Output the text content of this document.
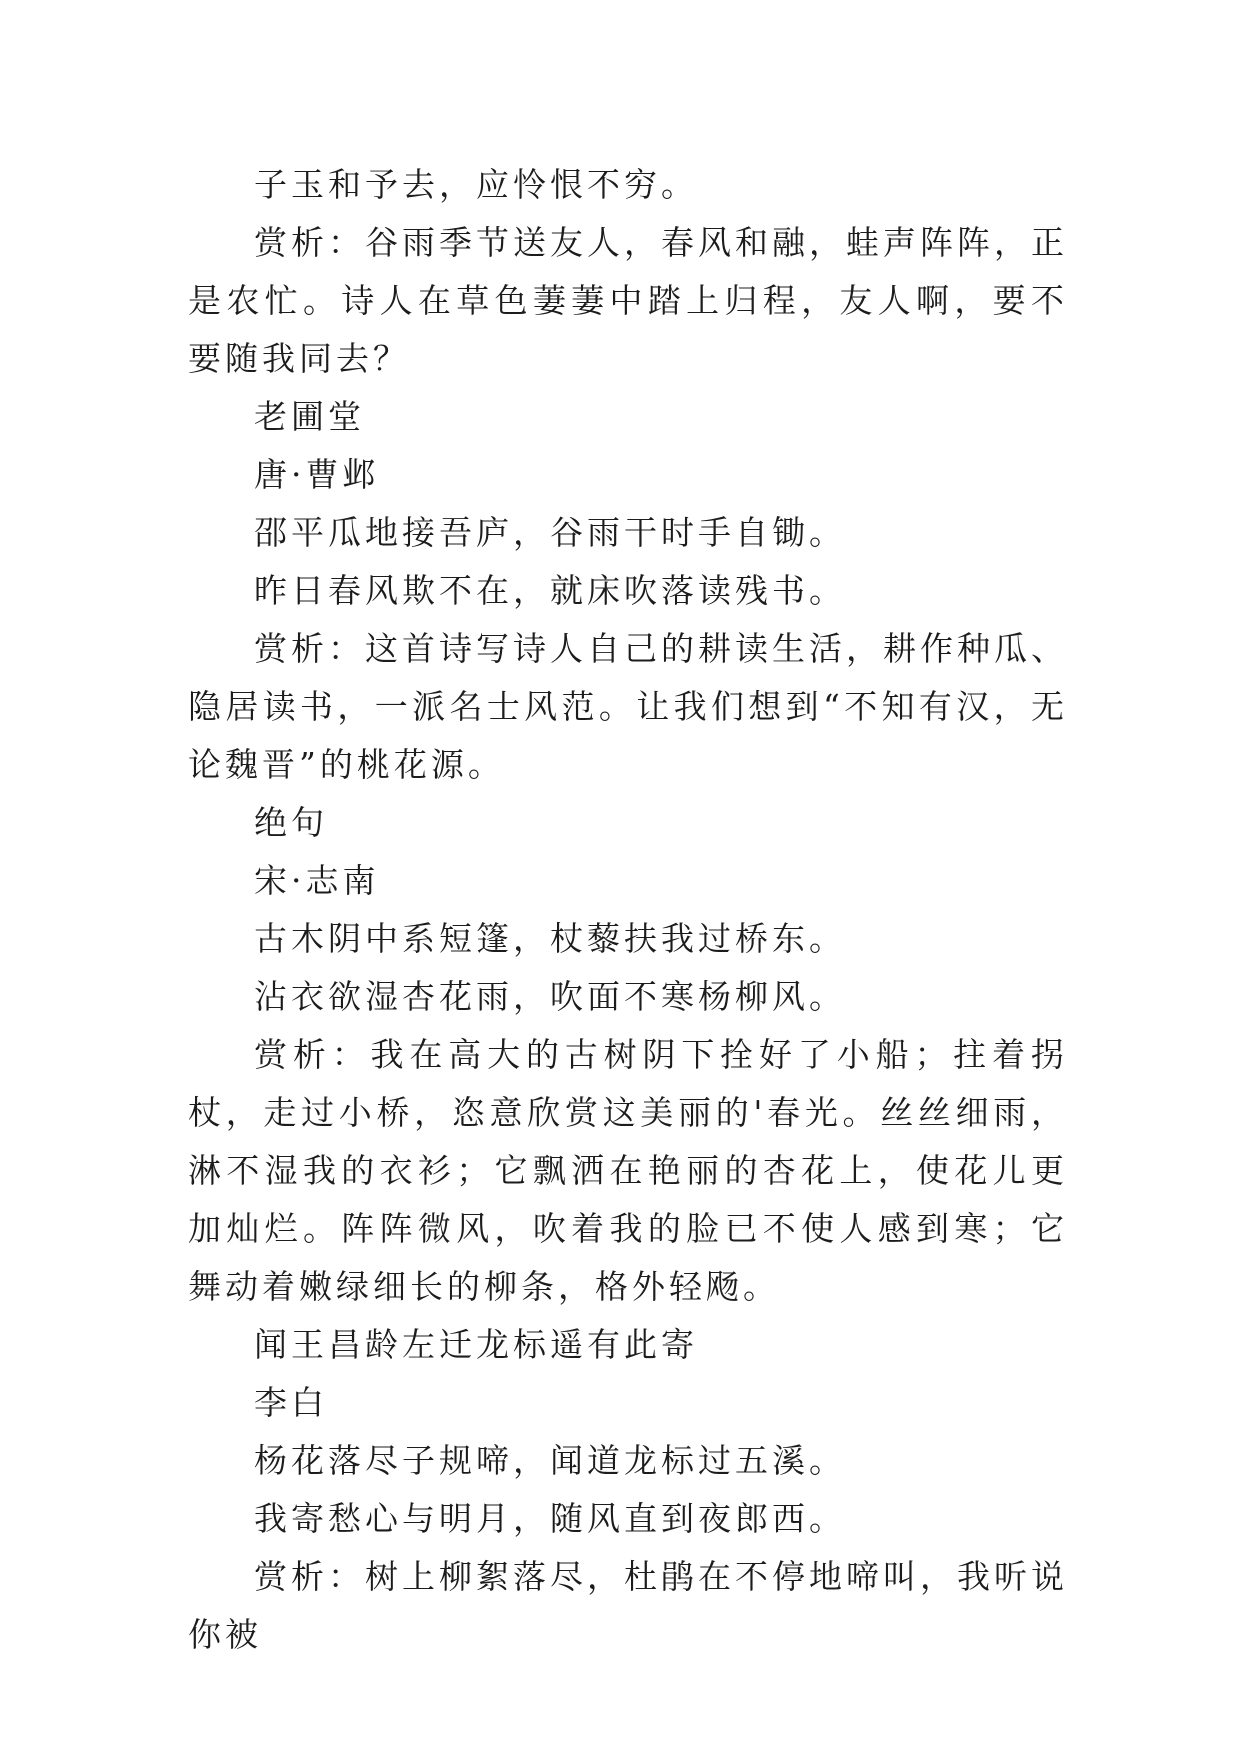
子玉和予去，应怜恨不穷。

赏析：谷雨季节送友人，春风和融，蛙声阵阵，正是农忙。诗人在草色萋萋中踏上归程，友人啊，要不要随我同去？

老圃堂

唐·曹邺

邵平瓜地接吾庐，谷雨干时手自锄。

昨日春风欺不在，就床吹落读残书。

赏析：这首诗写诗人自己的耕读生活，耕作种瓜、隐居读书，一派名士风范。让我们想到“不知有汉，无论魏晋”的桃花源。

绝句

宋·志南

古木阴中系短篷，杖藜扶我过桥东。

沾衣欲湿杏花雨，吹面不寒杨柳风。

赏析：我在高大的古树阴下拴好了小船；拄着拐杖，走过小桥，恣意欣赏这美丽的'春光。丝丝细雨，淋不湿我的衣衫；它飘洒在艳丽的杏花上，使花儿更加灿烂。阵阵微风，吹着我的脸已不使人感到寒；它舞动着嫩绿细长的柳条，格外轻飏。

闻王昌龄左迁龙标遥有此寄

李白

杨花落尽子规啼，闻道龙标过五溪。

我寄愁心与明月，随风直到夜郎西。

赏析：树上柳絮落尽，杜鹃在不停地啼叫，我听说你被
